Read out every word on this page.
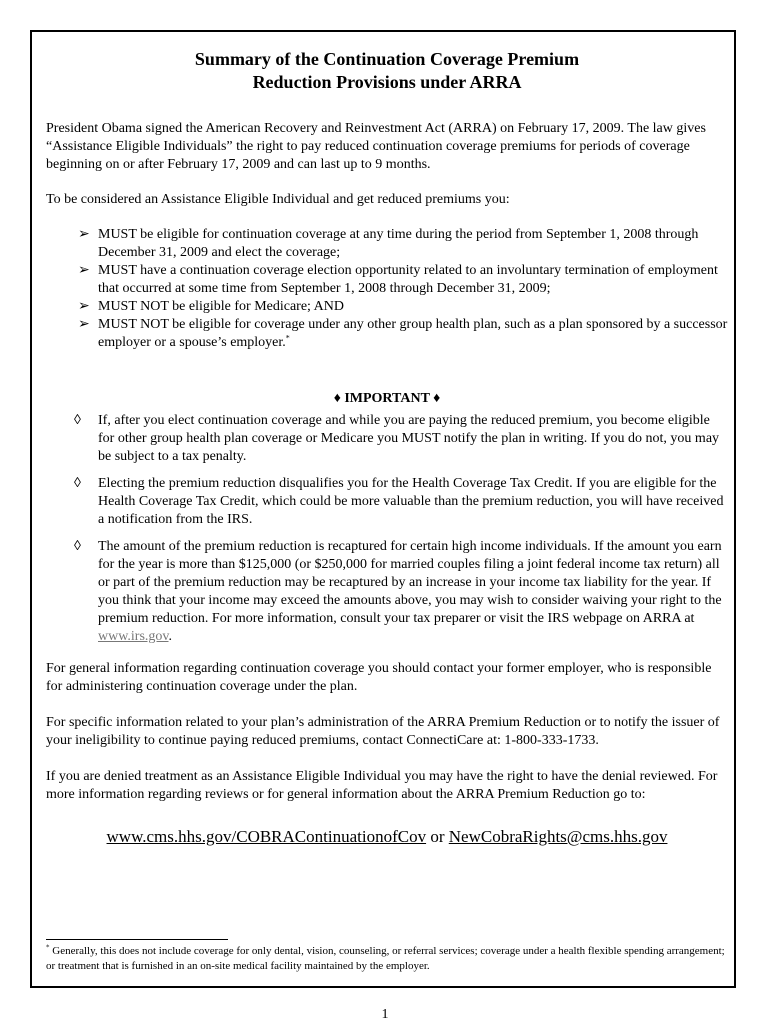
Summary of the Continuation Coverage Premium
Reduction Provisions under ARRA

President Obama signed the American Recovery and Reinvestment Act (ARRA) on February 17, 2009. The law gives “Assistance Eligible Individuals” the right to pay reduced continuation coverage premiums for periods of coverage beginning on or after February 17, 2009 and can last up to 9 months.

To be considered an Assistance Eligible Individual and get reduced premiums you:

➢ MUST be eligible for continuation coverage at any time during the period from September 1, 2008 through December 31, 2009 and elect the coverage;
➢ MUST have a continuation coverage election opportunity related to an involuntary termination of employment that occurred at some time from September 1, 2008 through December 31, 2009;
➢ MUST NOT be eligible for Medicare; AND
➢ MUST NOT be eligible for coverage under any other group health plan, such as a plan sponsored by a successor employer or a spouse’s employer.*
♦ IMPORTANT ♦
◊ If, after you elect continuation coverage and while you are paying the reduced premium, you become eligible for other group health plan coverage or Medicare you MUST notify the plan in writing. If you do not, you may be subject to a tax penalty.
◊ Electing the premium reduction disqualifies you for the Health Coverage Tax Credit. If you are eligible for the Health Coverage Tax Credit, which could be more valuable than the premium reduction, you will have received a notification from the IRS.
◊ The amount of the premium reduction is recaptured for certain high income individuals. If the amount you earn for the year is more than $125,000 (or $250,000 for married couples filing a joint federal income tax return) all or part of the premium reduction may be recaptured by an increase in your income tax liability for the year. If you think that your income may exceed the amounts above, you may wish to consider waiving your right to the premium reduction. For more information, consult your tax preparer or visit the IRS webpage on ARRA at www.irs.gov.

For general information regarding continuation coverage you should contact your former employer, who is responsible for administering continuation coverage under the plan.

For specific information related to your plan’s administration of the ARRA Premium Reduction or to notify the issuer of your ineligibility to continue paying reduced premiums, contact ConnectiCare at: 1-800-333-1733.

If you are denied treatment as an Assistance Eligible Individual you may have the right to have the denial reviewed. For more information regarding reviews or for general information about the ARRA Premium Reduction go to:

www.cms.hhs.gov/COBRAContinuationofCov or NewCobraRights@cms.hhs.gov
* Generally, this does not include coverage for only dental, vision, counseling, or referral services; coverage under a health flexible spending arrangement; or treatment that is furnished in an on-site medical facility maintained by the employer.
1
